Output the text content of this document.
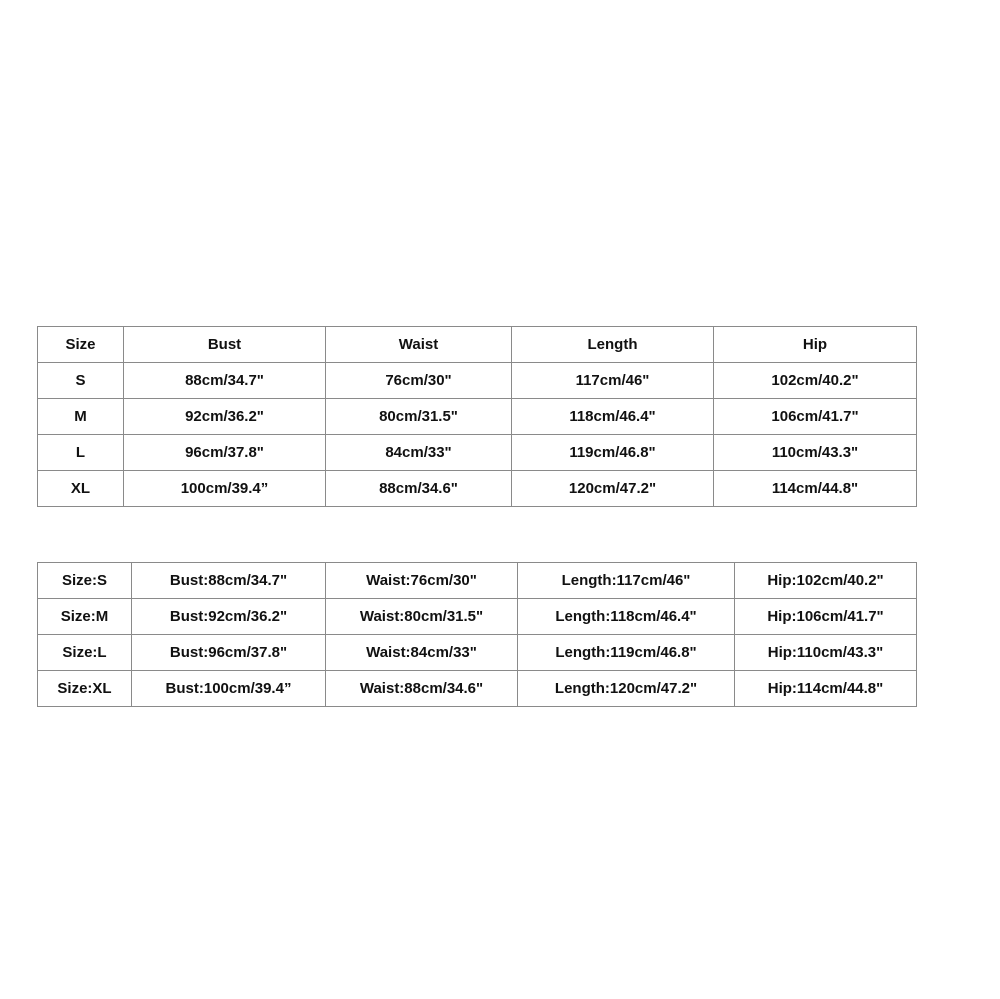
Size	Bust	Waist	Length	Hip
S	88cm/34.7"	76cm/30"	117cm/46"	102cm/40.2"
M	92cm/36.2"	80cm/31.5"	118cm/46.4"	106cm/41.7"
L	96cm/37.8"	84cm/33"	119cm/46.8"	110cm/43.3"
XL	100cm/39.4”	88cm/34.6"	120cm/47.2"	114cm/44.8"
Size:S	Bust:88cm/34.7"	Waist:76cm/30"	Length:117cm/46"	Hip:102cm/40.2"
Size:M	Bust:92cm/36.2"	Waist:80cm/31.5"	Length:118cm/46.4"	Hip:106cm/41.7"
Size:L	Bust:96cm/37.8"	Waist:84cm/33"	Length:119cm/46.8"	Hip:110cm/43.3"
Size:XL	Bust:100cm/39.4”	Waist:88cm/34.6"	Length:120cm/47.2"	Hip:114cm/44.8"
